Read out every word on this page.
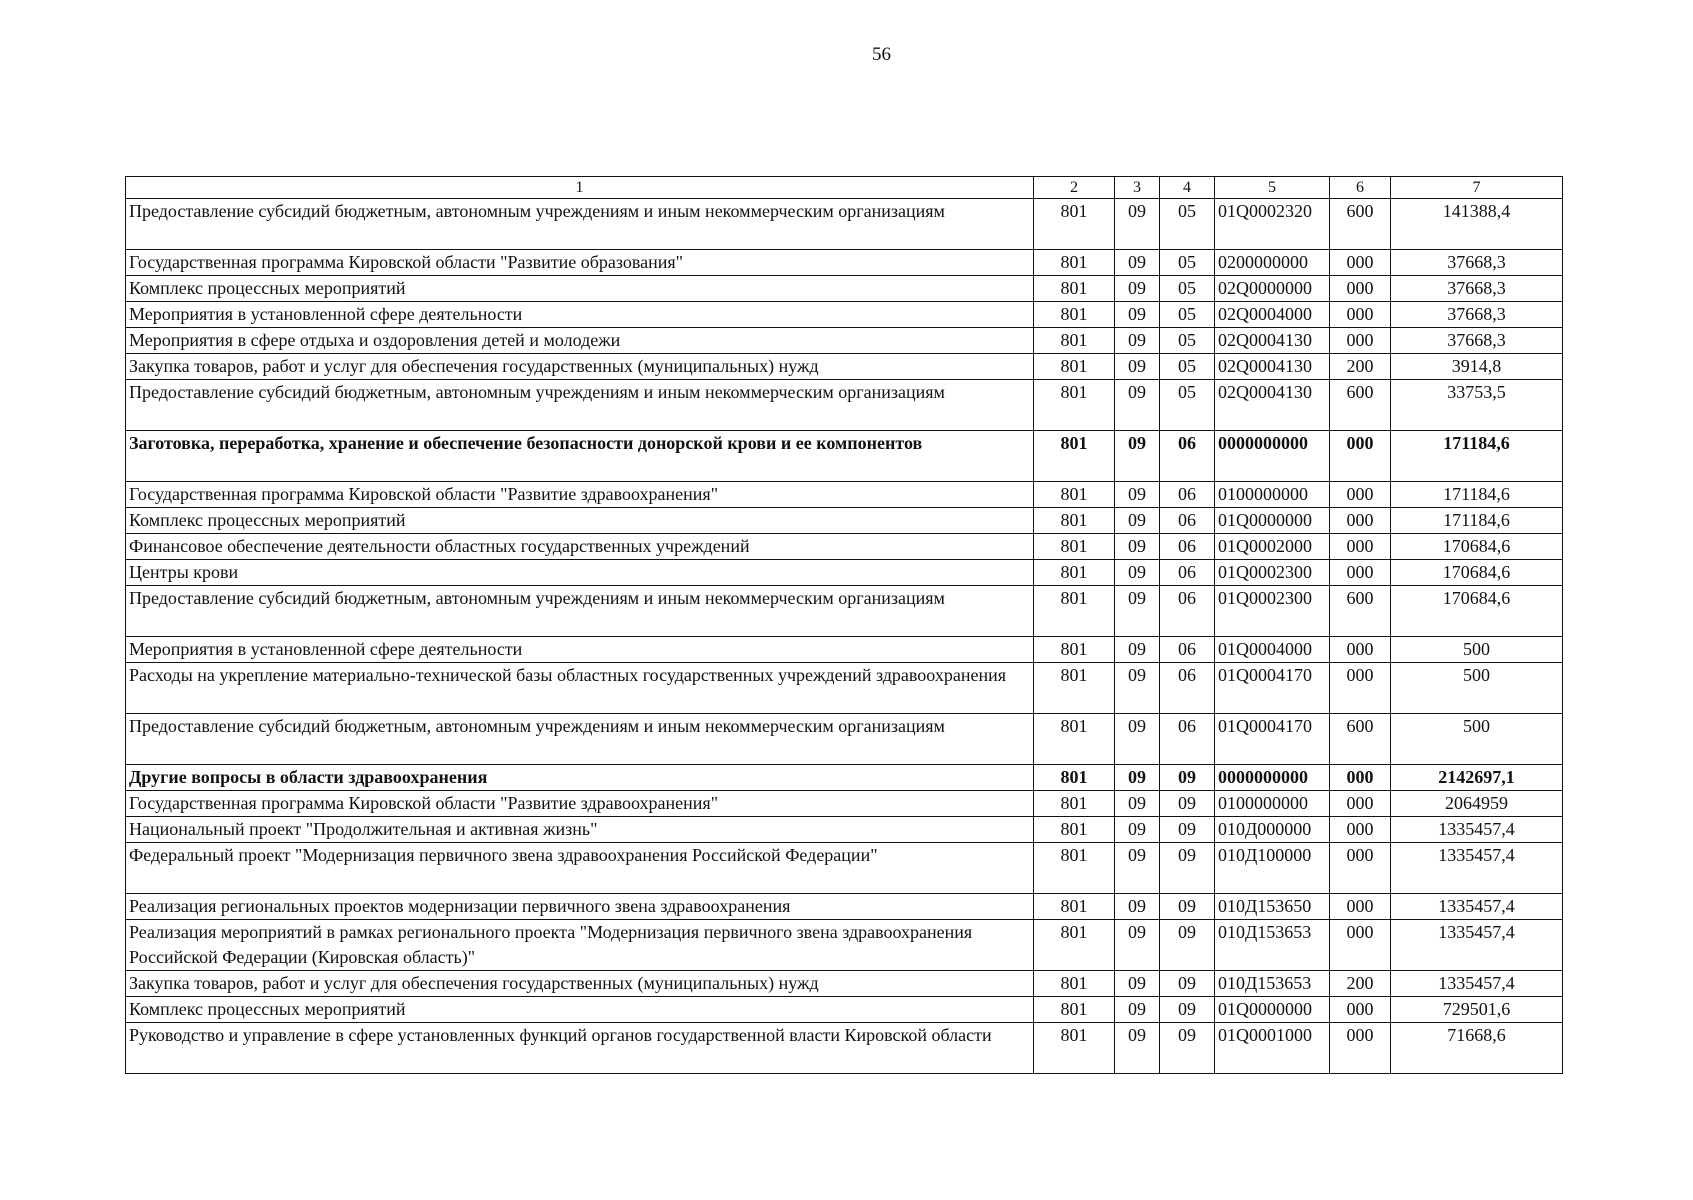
56
1	2	3	4	5	6	7
Предоставление субсидий бюджетным, автономным учреждениям и иным некоммерческим организациям	801	09	05	01Q0002320	600	141388,4
Государственная программа Кировской области "Развитие образования"	801	09	05	0200000000	000	37668,3
Комплекс процессных мероприятий	801	09	05	02Q0000000	000	37668,3
Мероприятия в установленной сфере деятельности	801	09	05	02Q0004000	000	37668,3
Мероприятия в сфере отдыха и оздоровления детей и молодежи	801	09	05	02Q0004130	000	37668,3
Закупка товаров, работ и услуг для обеспечения государственных (муниципальных) нужд	801	09	05	02Q0004130	200	3914,8
Предоставление субсидий бюджетным, автономным учреждениям и иным некоммерческим организациям	801	09	05	02Q0004130	600	33753,5
Заготовка, переработка, хранение и обеспечение безопасности донорской крови и ее компонентов	801	09	06	0000000000	000	171184,6
Государственная программа Кировской области "Развитие здравоохранения"	801	09	06	0100000000	000	171184,6
Комплекс процессных мероприятий	801	09	06	01Q0000000	000	171184,6
Финансовое обеспечение деятельности областных государственных учреждений	801	09	06	01Q0002000	000	170684,6
Центры крови	801	09	06	01Q0002300	000	170684,6
Предоставление субсидий бюджетным, автономным учреждениям и иным некоммерческим организациям	801	09	06	01Q0002300	600	170684,6
Мероприятия в установленной сфере деятельности	801	09	06	01Q0004000	000	500
Расходы на укрепление материально-технической базы областных государственных учреждений здравоохранения	801	09	06	01Q0004170	000	500
Предоставление субсидий бюджетным, автономным учреждениям и иным некоммерческим организациям	801	09	06	01Q0004170	600	500
Другие вопросы в области здравоохранения	801	09	09	0000000000	000	2142697,1
Государственная программа Кировской области "Развитие здравоохранения"	801	09	09	0100000000	000	2064959
Национальный проект "Продолжительная и активная жизнь"	801	09	09	010Д000000	000	1335457,4
Федеральный проект "Модернизация первичного звена здравоохранения Российской Федерации"	801	09	09	010Д100000	000	1335457,4
Реализация региональных проектов модернизации первичного звена здравоохранения	801	09	09	010Д153650	000	1335457,4
Реализация мероприятий в рамках регионального проекта "Модернизация первичного звена здравоохранения Российской Федерации (Кировская область)"	801	09	09	010Д153653	000	1335457,4
Закупка товаров, работ и услуг для обеспечения государственных (муниципальных) нужд	801	09	09	010Д153653	200	1335457,4
Комплекс процессных мероприятий	801	09	09	01Q0000000	000	729501,6
Руководство и управление в сфере установленных функций органов государственной власти Кировской области	801	09	09	01Q0001000	000	71668,6
